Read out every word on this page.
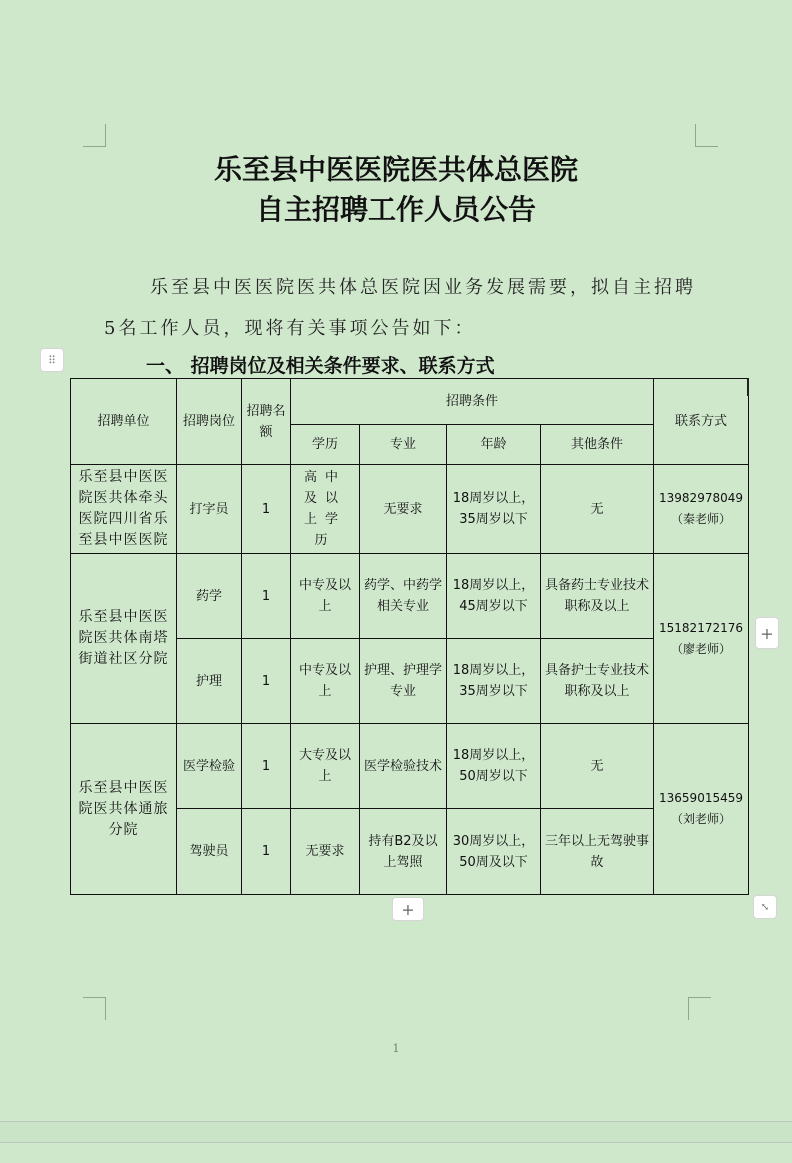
乐至县中医医院医共体总医院
自主招聘工作人员公告
乐至县中医医院医共体总医院因业务发展需要，拟自主招聘
5名工作人员，现将有关事项公告如下：
⠿	一、 招聘岗位及相关条件要求、联系方式
招聘单位	招聘岗位	招聘名额	招聘条件				联系方式
			学历	专业	年龄	其他条件	
乐至县中医医院医共体牵头医院四川省乐至县中医医院	打字员	1	高中及以上学历	无要求	18周岁以上，35周岁以下	无	13982978049
（秦老师）

乐至县中医医院医共体南塔街道社区分院	药学	1	中专及以上	药学、中药学相关专业	18周岁以上，45周岁以下	具备药士专业技术职称及以上	15182172176
（廖老师）

	护理	1	中专及以上	护理、护理学专业	18周岁以上，35周岁以下	具备护士专业技术职称及以上	
乐至县中医医院医共体通旅分院	医学检验	1	大专及以上	医学检验技术	18周岁以上，50周岁以下	无	13659015459
（刘老师）

	驾驶员	1	无要求	持有B2及以上驾照	30周岁以上，50周及以下	三年以上无驾驶事故	
+
+	⤡
1
